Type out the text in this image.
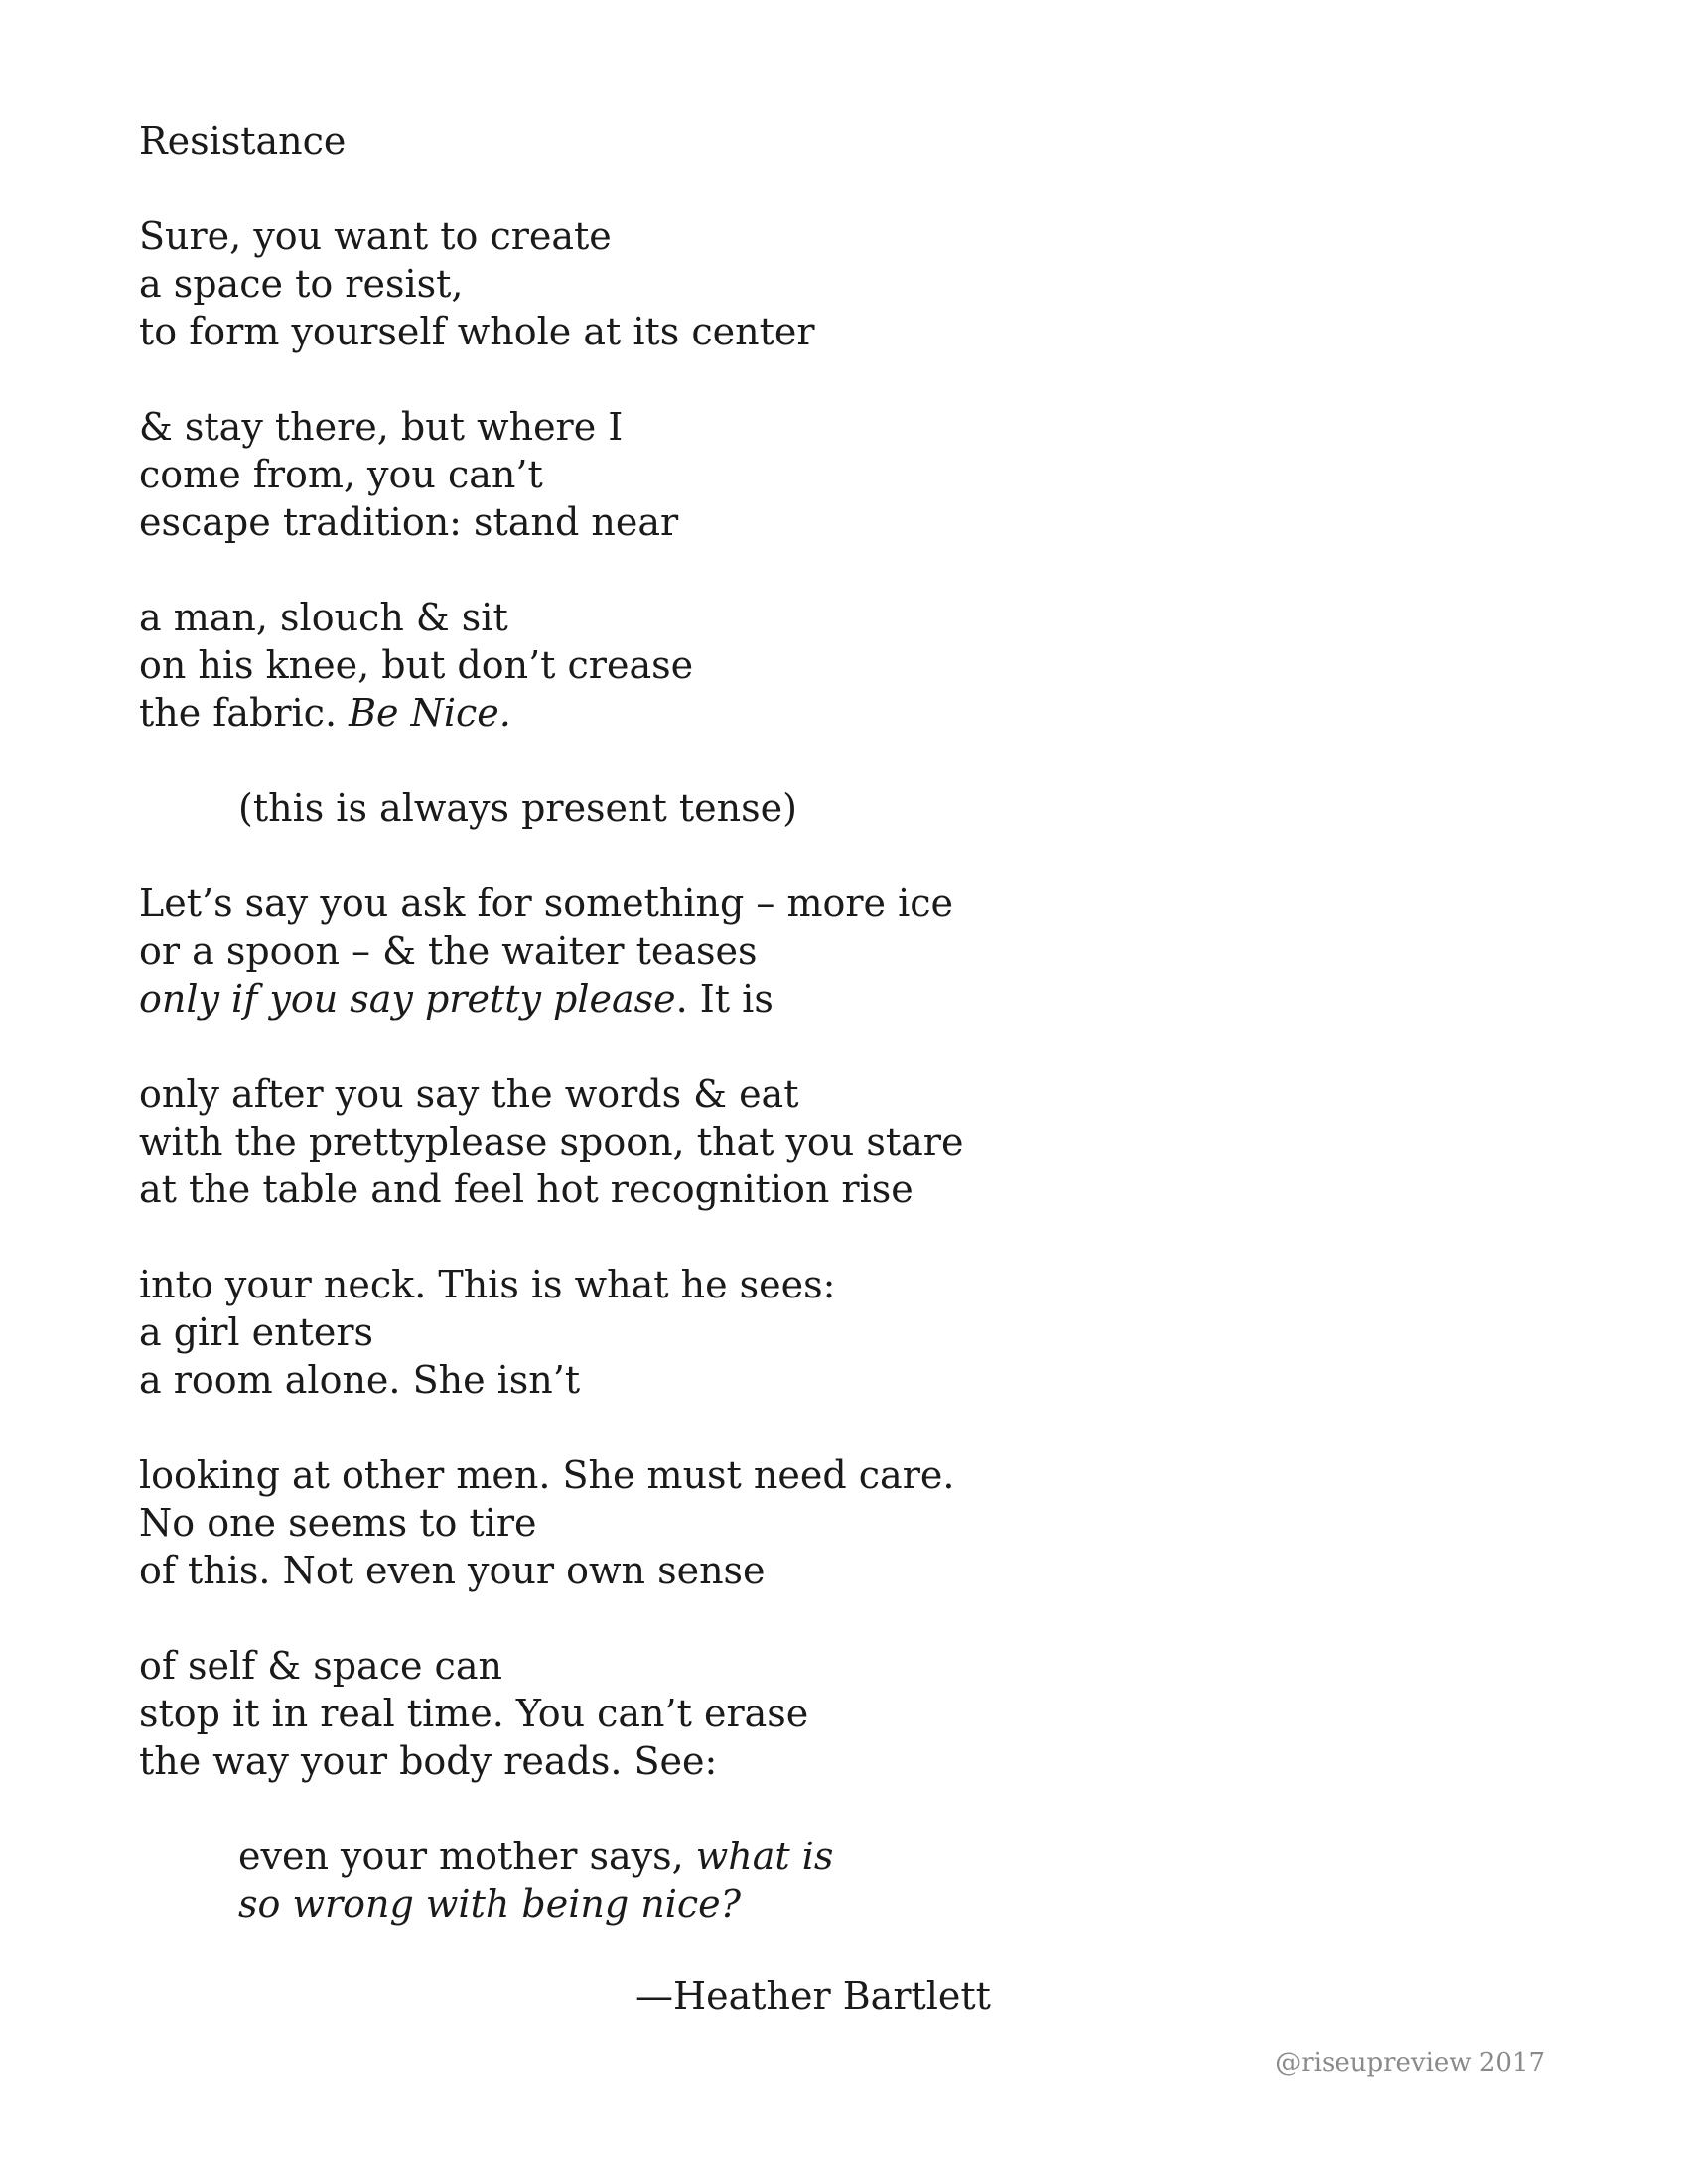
Resistance
Sure, you want to create
a space to resist,
to form yourself whole at its center
& stay there, but where I
come from, you can’t
escape tradition: stand near
a man, slouch & sit
on his knee, but don’t crease
the fabric. Be Nice.
(this is always present tense)
Let’s say you ask for something – more ice
or a spoon – & the waiter teases
only if you say pretty please. It is
only after you say the words & eat
with the prettyplease spoon, that you stare
at the table and feel hot recognition rise
into your neck. This is what he sees:
a girl enters
a room alone. She isn’t
looking at other men. She must need care.
No one seems to tire
of this. Not even your own sense
of self & space can
stop it in real time. You can’t erase
the way your body reads. See:
even your mother says, what is
so wrong with being nice?
—Heather Bartlett
@riseupreview 2017
